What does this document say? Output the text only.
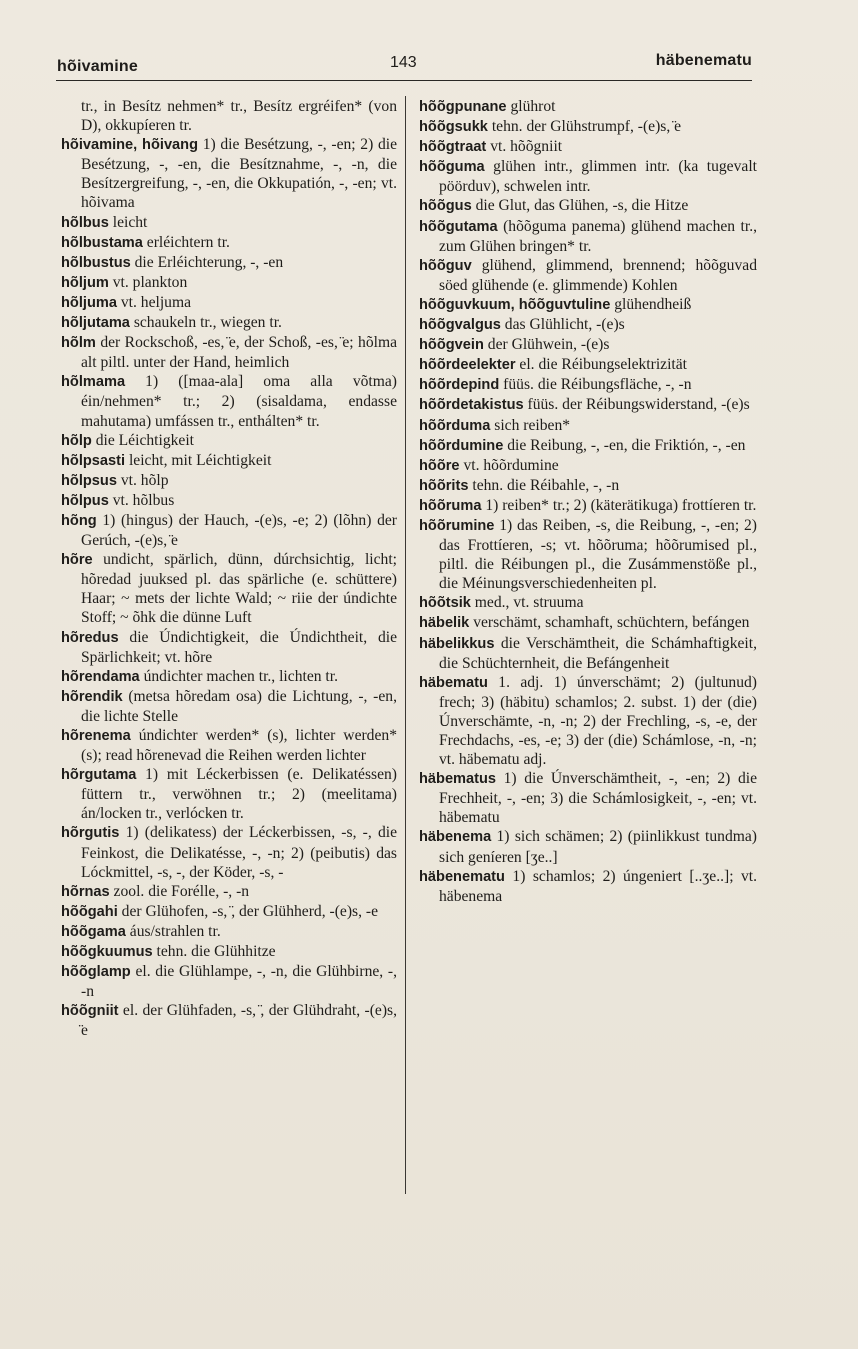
hõivamine	143	häbenematu

tr., in Besítz nehmen* tr., Besítz ergréifen* (von D), okkupíeren tr.

hõivamine, hõivang 1) die Besétzung, -, -en; 2) die Besétzung, -, -en, die Besítznahme, -, -n, die Besítzergreifung, -, -en, die Okkupatión, -, -en; vt. hõivama

hõlbus leicht

hõlbustama erléichtern tr.

hõlbustus die Erléichterung, -, -en

hõljum vt. plankton

hõljuma vt. heljuma

hõljutama schaukeln tr., wiegen tr.

hõlm der Rockschoß, -es, ̈e, der Schoß, -es, ̈e; hõlma alt piltl. unter der Hand, heimlich

hõlmama 1) ([maa-ala] oma alla võtma) éin/nehmen* tr.; 2) (sisaldama, endasse mahutama) umfássen tr., enthálten* tr.

hõlp die Léichtigkeit

hõlpsasti leicht, mit Léichtigkeit

hõlpsus vt. hõlp

hõlpus vt. hõlbus

hõng 1) (hingus) der Hauch, -(e)s, -e; 2) (lõhn) der Gerúch, -(e)s, ̈e

hõre undicht, spärlich, dünn, dúrchsichtig, licht; hõredad juuksed pl. das spärliche (e. schüttere) Haar; ~ mets der lichte Wald; ~ riie der úndichte Stoff; ~ õhk die dünne Luft

hõredus die Úndichtigkeit, die Úndichtheit, die Spärlichkeit; vt. hõre

hõrendama úndichter machen tr., lichten tr.

hõrendik (metsa hõredam osa) die Lichtung, -, -en, die lichte Stelle

hõrenema úndichter werden* (s), lichter werden* (s); read hõrenevad die Reihen werden lichter

hõrgutama 1) mit Léckerbissen (e. Delikatéssen) füttern tr., verwöhnen tr.; 2) (meelitama) án/locken tr., verlócken tr.

hõrgutis 1) (delikatess) der Léckerbissen, -s, -, die Feinkost, die Delikatésse, -, -n; 2) (peibutis) das Lóckmittel, -s, -, der Köder, -s, -

hõrnas zool. die Forélle, -, -n

hõõgahi der Glühofen, -s, ̈, der Glühherd, -(e)s, -e

hõõgama áus/strahlen tr.

hõõgkuumus tehn. die Glühhitze

hõõglamp el. die Glühlampe, -, -n, die Glühbirne, -, -n

hõõgniit el. der Glühfaden, -s, ̈, der Glühdraht, -(e)s, ̈e

hõõgpunane glührot

hõõgsukk tehn. der Glühstrumpf, -(e)s, ̈e

hõõgtraat vt. hõõgniit

hõõguma glühen intr., glimmen intr. (ka tugevalt pöörduv), schwelen intr.

hõõgus die Glut, das Glühen, -s, die Hitze

hõõgutama (hõõguma panema) glühend machen tr., zum Glühen bringen* tr.

hõõguv glühend, glimmend, brennend; hõõguvad söed glühende (e. glimmende) Kohlen

hõõguvkuum, hõõguvtuline glühendheiß

hõõgvalgus das Glühlicht, -(e)s

hõõgvein der Glühwein, -(e)s

hõõrdeelekter el. die Réibungselektrizität

hõõrdepind füüs. die Réibungsfläche, -, -n

hõõrdetakistus füüs. der Réibungswiderstand, -(e)s

hõõrduma sich reiben*

hõõrdumine die Reibung, -, -en, die Friktión, -, -en

hõõre vt. hõõrdumine

hõõrits tehn. die Réibahle, -, -n

hõõruma 1) reiben* tr.; 2) (käterätikuga) frottíeren tr.

hõõrumine 1) das Reiben, -s, die Reibung, -, -en; 2) das Frottíeren, -s; vt. hõõruma; hõõrumised pl., piltl. die Réibungen pl., die Zusámmenstöße pl., die Méinungsverschiedenheiten pl.

hõõtsik med., vt. struuma

häbelik verschämt, schamhaft, schüchtern, befángen

häbelikkus die Verschämtheit, die Schámhaftigkeit, die Schüchternheit, die Befángenheit

häbematu 1. adj. 1) únverschämt; 2) (jultunud) frech; 3) (häbitu) schamlos; 2. subst. 1) der (die) Únverschämte, -n, -n; 2) der Frechling, -s, -e, der Frechdachs, -es, -e; 3) der (die) Schámlose, -n, -n; vt. häbematu adj.

häbematus 1) die Únverschämtheit, -, -en; 2) die Frechheit, -, -en; 3) die Schámlosigkeit, -, -en; vt. häbematu

häbenema 1) sich schämen; 2) (piinlikkust tundma) sich geníeren [ʒe..]

häbenematu 1) schamlos; 2) úngeniert [..ʒe..]; vt. häbenema
